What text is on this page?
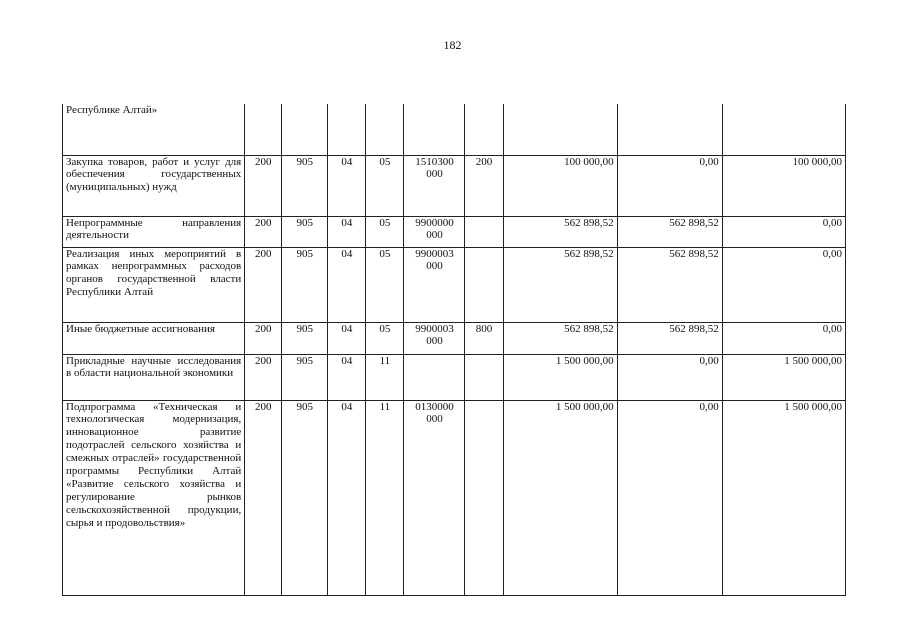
182
Республике Алтай»									
Закупка товаров, работ и услуг для обеспечения государственных (муниципальных) нужд	200	905	04	05	1510300 000	200	100 000,00	0,00	100 000,00
Непрограммные направления деятельности	200	905	04	05	9900000 000		562 898,52	562 898,52	0,00
Реализация иных мероприятий в рамках непрограммных расходов органов государственной власти Республики Алтай	200	905	04	05	9900003 000		562 898,52	562 898,52	0,00
Иные бюджетные ассигнования	200	905	04	05	9900003 000	800	562 898,52	562 898,52	0,00
Прикладные научные исследования в области национальной экономики	200	905	04	11			1 500 000,00	0,00	1 500 000,00
Подпрограмма «Техническая и технологическая модернизация, инновационное развитие подотраслей сельского хозяйства и смежных отраслей» государственной программы Республики Алтай «Развитие сельского хозяйства и регулирование рынков сельскохозяйственной продукции, сырья и продовольствия»	200	905	04	11	0130000 000		1 500 000,00	0,00	1 500 000,00
